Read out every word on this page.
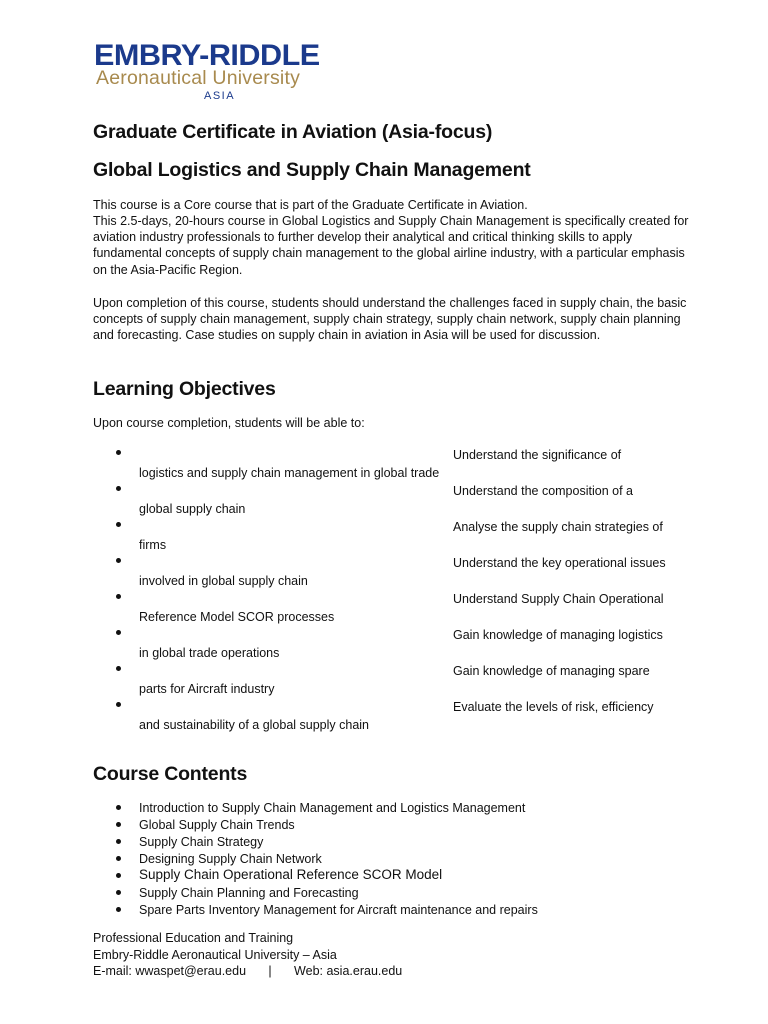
EMBRY-RIDDLE
Aeronautical University
ASIA
Graduate Certificate in Aviation (Asia-focus)
Global Logistics and Supply Chain Management

This course is a Core course that is part of the Graduate Certificate in Aviation.

This 2.5-days, 20-hours course in Global Logistics and Supply Chain Management is specifically created for aviation industry professionals to further develop their analytical and critical thinking skills to apply fundamental concepts of supply chain management to the global airline industry, with a particular emphasis on the Asia-Pacific Region.

Upon completion of this course, students should understand the challenges faced in supply chain, the basic concepts of supply chain management, supply chain strategy, supply chain network, supply chain planning and forecasting. Case studies on supply chain in aviation in Asia will be used for discussion.

Learning Objectives

Upon course completion, students will be able to:

Understand the significance of
logistics and supply chain management in global trade
Understand the composition of a
global supply chain
Analyse the supply chain strategies of
firms
Understand the key operational issues
involved in global supply chain
Understand Supply Chain Operational
Reference Model SCOR processes
Gain knowledge of managing logistics
in global trade operations
Gain knowledge of managing spare
parts for Aircraft industry
Evaluate the levels of risk, efficiency
and sustainability of a global supply chain
Course Contents
Introduction to Supply Chain Management and Logistics Management
Global Supply Chain Trends
Supply Chain Strategy
Designing Supply Chain Network
Supply Chain Operational Reference SCOR Model
Supply Chain Planning and Forecasting
Spare Parts Inventory Management for Aircraft maintenance and repairs
Professional Education and Training
Embry-Riddle Aeronautical University – Asia
E-mail: wwaspet@erau.edu | Web: asia.erau.edu
